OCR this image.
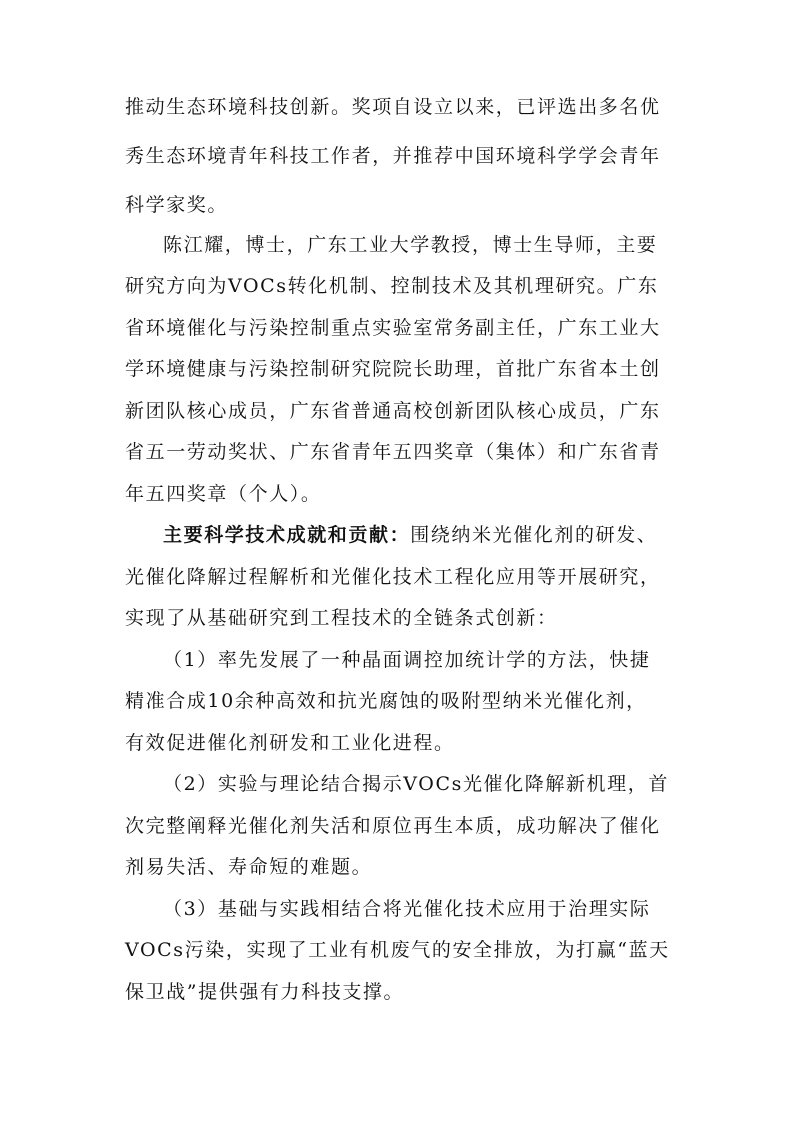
推动生态环境科技创新。奖项自设立以来，已评选出多名优
秀生态环境青年科技工作者，并推荐中国环境科学学会青年
科学家奖。
陈江耀，博士，广东工业大学教授，博士生导师，主要
研究方向为VOCs转化机制、控制技术及其机理研究。广东
省环境催化与污染控制重点实验室常务副主任，广东工业大
学环境健康与污染控制研究院院长助理，首批广东省本土创
新团队核心成员，广东省普通高校创新团队核心成员，广东
省五一劳动奖状、广东省青年五四奖章（集体）和广东省青
年五四奖章（个人）。
主要科学技术成就和贡献：围绕纳米光催化剂的研发、
光催化降解过程解析和光催化技术工程化应用等开展研究，
实现了从基础研究到工程技术的全链条式创新：
（1）率先发展了一种晶面调控加统计学的方法，快捷
精准合成10余种高效和抗光腐蚀的吸附型纳米光催化剂，
有效促进催化剂研发和工业化进程。
（2）实验与理论结合揭示VOCs光催化降解新机理，首
次完整阐释光催化剂失活和原位再生本质，成功解决了催化
剂易失活、寿命短的难题。
（3）基础与实践相结合将光催化技术应用于治理实际
VOCs污染，实现了工业有机废气的安全排放，为打赢“蓝天
保卫战”提供强有力科技支撑。
